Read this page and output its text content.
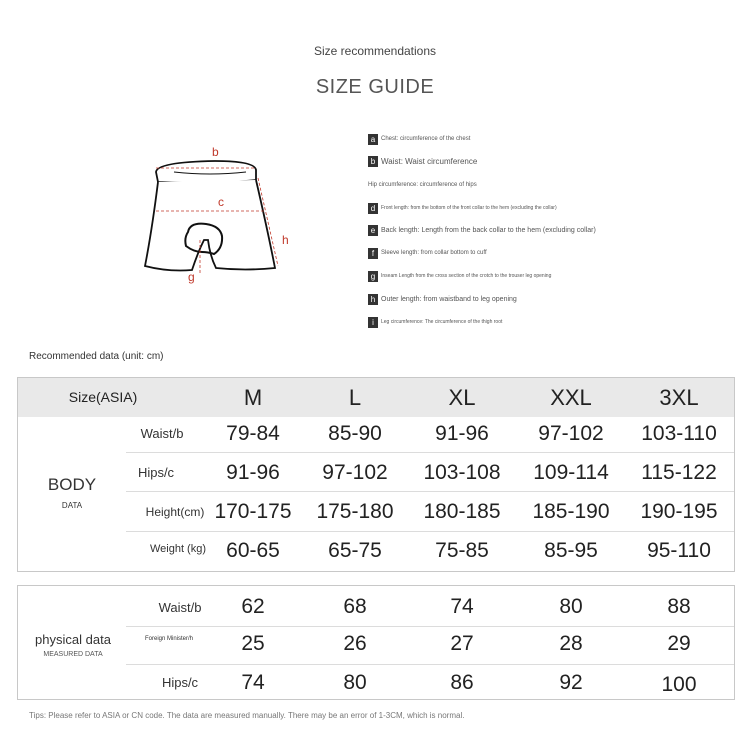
Size recommendations
SIZE GUIDE
b
c
h
g
a Chest: circumference of the chest
b Waist: Waist circumference
Hip circumference: circumference of hips
d	Front length: from the bottom of the front collar to the hem (excluding the collar)
e Back length: Length from the back collar to the hem (excluding collar)
f	Sleeve length: from collar bottom to cuff
g	Inseam Length from the cross section of the crotch to the trouser leg opening
h Outer length: from waistband to leg opening
i	Leg circumference: The circumference of the thigh root
Recommended data (unit: cm)
Size(ASIA)	M	L	XL	XXL	3XL
BODY
DATA
Waist/b	79-84	85-90	91-96	97-102	103-110
Hips/c	91-96	97-102	103-108	109-114	115-122
Height(cm) 170-175	175-180	180-185	185-190	190-195
Weight (kg) 60-65	65-75	75-85	85-95	95-110
physical data
MEASURED DATA
Waist/b	62	68	74	80	88
Foreign Minister/h	25	26	27	28	29
Hips/c	74	80	86	92	100
Tips: Please refer to ASIA or CN code. The data are measured manually. There may be an error of 1-3CM, which is normal.
